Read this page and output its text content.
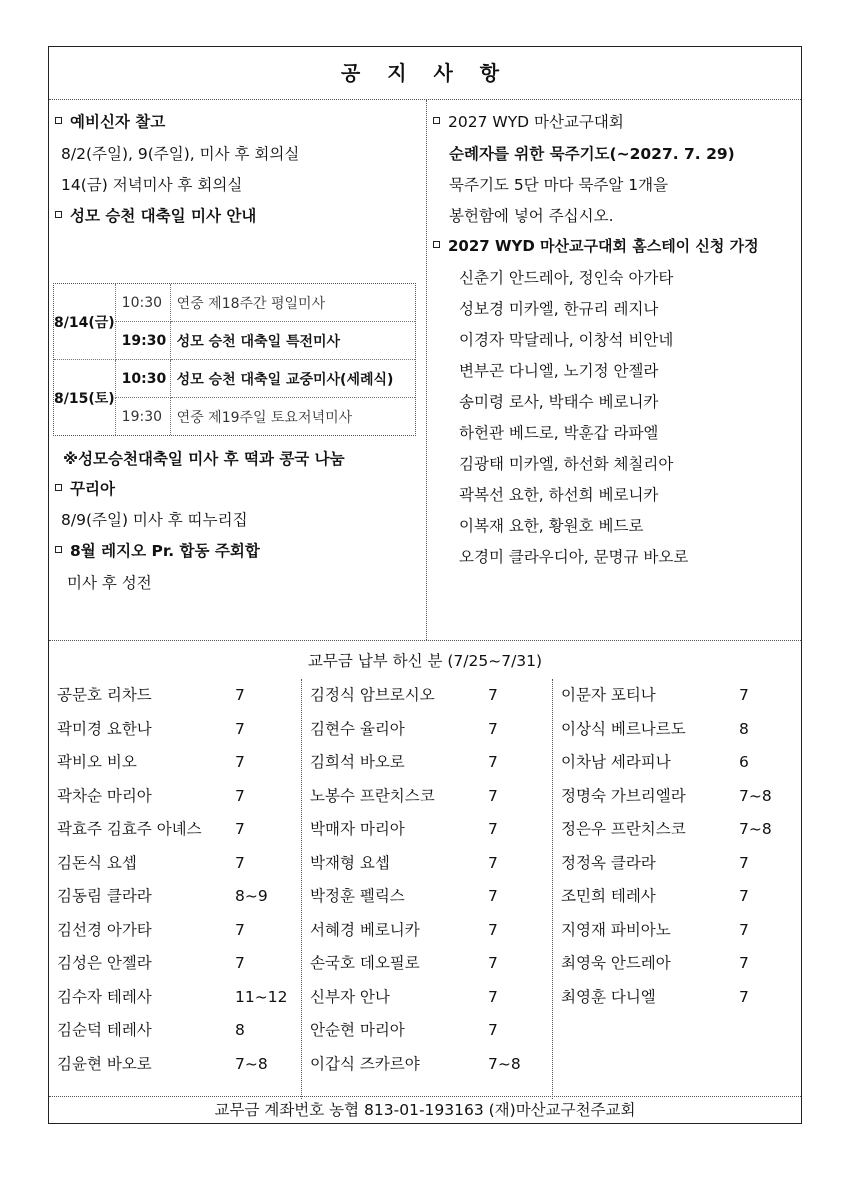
공 지 사 항
예비신자 찰고
8/2(주일), 9(주일), 미사 후 회의실
14(금) 저녁미사 후 회의실
성모 승천 대축일 미사 안내
8/14(금)	10:30	연중 제18주간 평일미사
	19:30	성모 승천 대축일 특전미사
8/15(토)	10:30	성모 승천 대축일 교중미사(세례식)
	19:30	연중 제19주일 토요저녁미사
※성모승천대축일 미사 후 떡과 콩국 나눔
꾸리아
8/9(주일) 미사 후 띠누리집
8월 레지오 Pr. 합동 주회합
미사 후 성전
2027 WYD 마산교구대회
순례자를 위한 묵주기도(~2027. 7. 29)
묵주기도 5단 마다 묵주알 1개을
봉헌함에 넣어 주십시오.
2027 WYD 마산교구대회 홈스테이 신청 가정
신춘기 안드레아, 정인숙 아가타
성보경 미카엘, 한규리 레지나
이경자 막달레나, 이창석 비안네
변부곤 다니엘, 노기정 안젤라
송미령 로사, 박태수 베로니카
하헌관 베드로, 박훈갑 라파엘
김광태 미카엘, 하선화 체칠리아
곽복선 요한, 하선희 베로니카
이복재 요한, 황원호 베드로
오경미 클라우디아, 문명규 바오로
교무금 납부 하신 분 (7/25~7/31)
공문호 리차드	7
곽미경 요한나	7
곽비오 비오	7
곽차순 마리아	7
곽효주 김효주 아녜스 7
김돈식 요셉	7
김동림 클라라	8~9
김선경 아가타	7
김성은 안젤라	7
김수자 테레사	11~12
김순덕 테레사	8
김윤현 바오로	7~8
김정식 암브로시오	7
김현수 율리아	7
김희석 바오로	7
노봉수 프란치스코	7
박매자 마리아	7
박재형 요셉	7
박정훈 펠릭스	7
서혜경 베로니카	7
손국호 데오필로	7
신부자 안나	7
안순현 마리아	7
이갑식 즈카르야	7~8
이문자 포티나	7
이상식 베르나르도	8
이차남 세라피나	6
정명숙 가브리엘라	7~8
정은우 프란치스코	7~8
정정옥 클라라	7
조민희 테레사	7
지영재 파비아노	7
최영욱 안드레아	7
최영훈 다니엘	7
교무금 계좌번호 농협 813-01-193163 (재)마산교구천주교회
